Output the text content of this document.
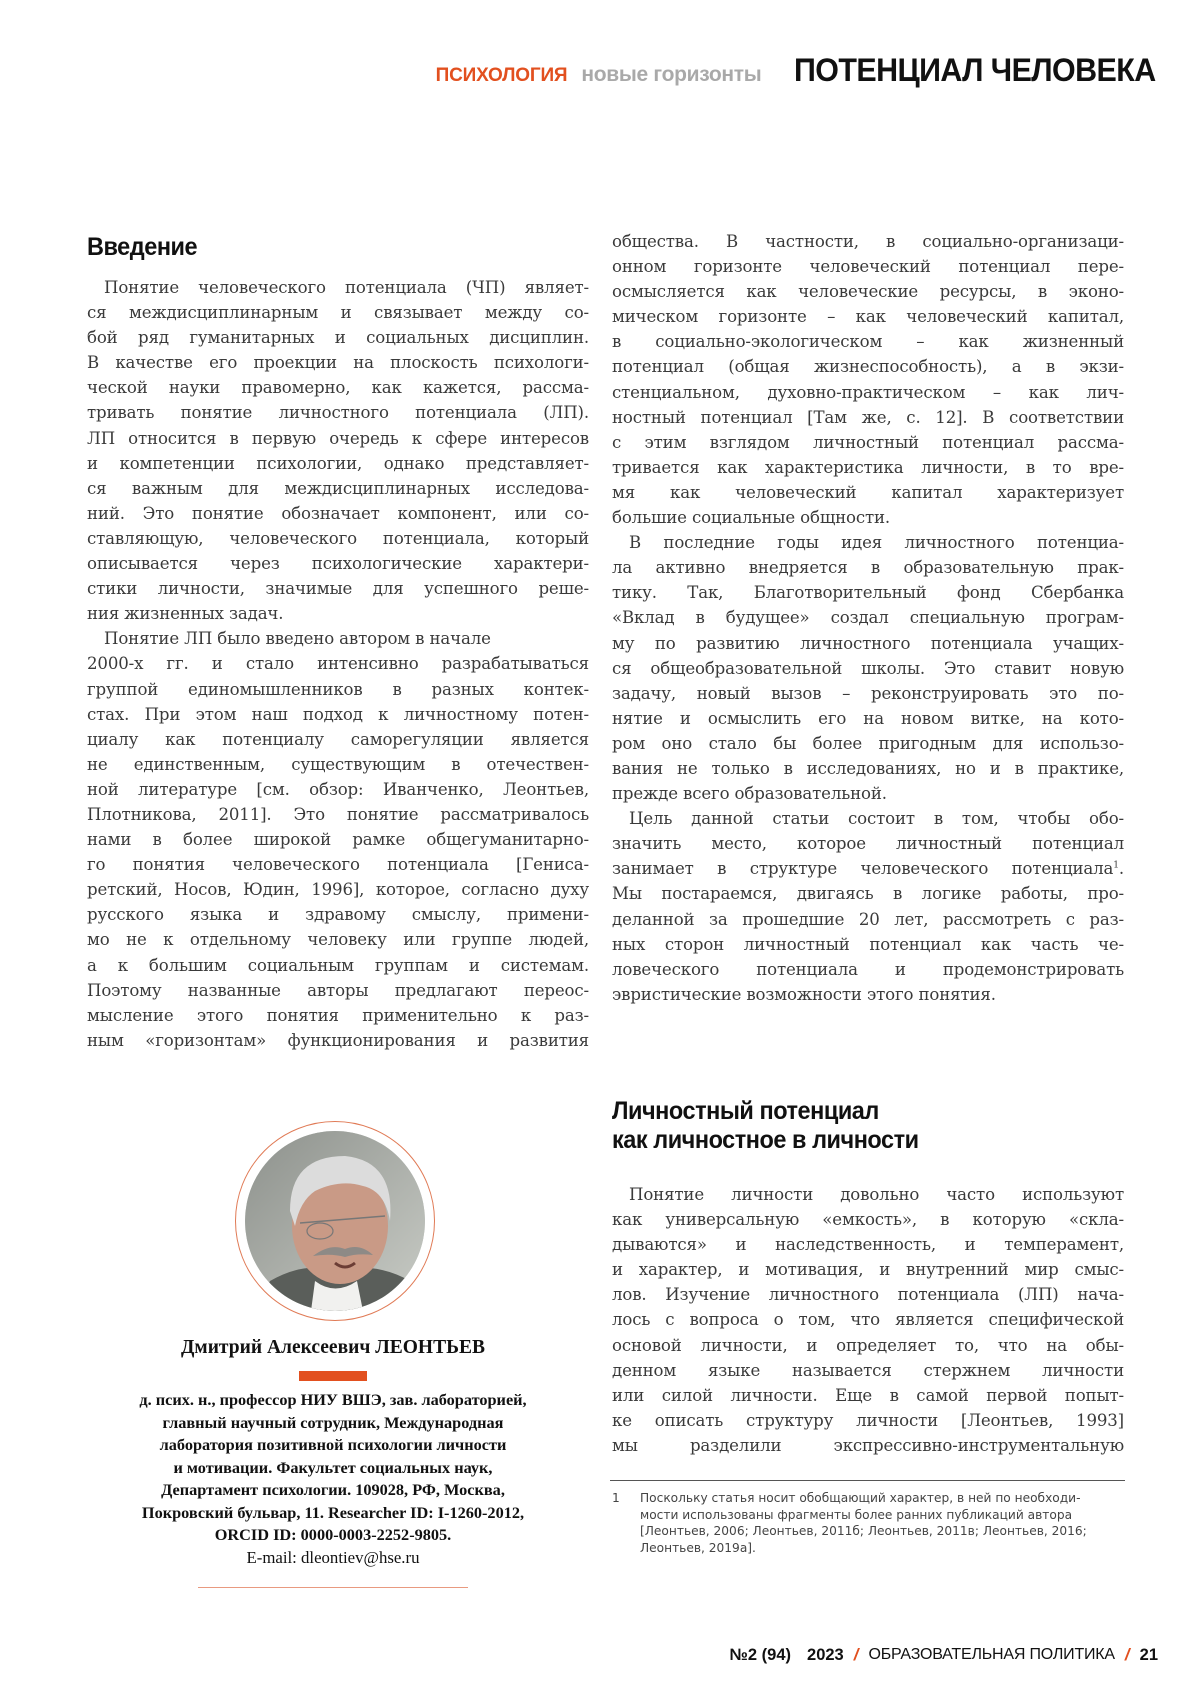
ПСИХОЛОГИЯ новые горизонты ПОТЕНЦИАЛ ЧЕЛОВЕКА
Введение
Понятие человеческого потенциала (ЧП) являет-
ся междисциплинарным и связывает между со-
бой ряд гуманитарных и социальных дисциплин.
В качестве его проекции на плоскость психологи-
ческой науки правомерно, как кажется, рассма-
тривать понятие личностного потенциала (ЛП).
ЛП относится в первую очередь к сфере интересов
и компетенции психологии, однако представляет-
ся важным для междисциплинарных исследова-
ний. Это понятие обозначает компонент, или со-
ставляющую, человеческого потенциала, который
описывается через психологические характери-
стики личности, значимые для успешного реше-
ния жизненных задач.
Понятие ЛП было введено автором в начале
2000-х гг. и стало интенсивно разрабатываться
группой единомышленников в разных контек-
стах. При этом наш подход к личностному потен-
циалу как потенциалу саморегуляции является
не единственным, существующим в отечествен-
ной литературе [см. обзор: Иванченко, Леонтьев,
Плотникова, 2011]. Это понятие рассматривалось
нами в более широкой рамке общегуманитарно-
го понятия человеческого потенциала [Гениса-
ретский, Носов, Юдин, 1996], которое, согласно духу
русского языка и здравому смыслу, примени-
мо не к отдельному человеку или группе людей,
а к большим социальным группам и системам.
Поэтому названные авторы предлагают переос-
мысление этого понятия применительно к раз-
ным «горизонтам» функционирования и развития
общества. В частности, в социально-организаци-
онном горизонте человеческий потенциал пере-
осмысляется как человеческие ресурсы, в эконо-
мическом горизонте – как человеческий капитал,
в социально-экологическом – как жизненный
потенциал (общая жизнеспособность), а в экзи-
стенциальном, духовно-практическом – как лич-
ностный потенциал [Там же, с. 12]. В соответствии
с этим взглядом личностный потенциал рассма-
тривается как характеристика личности, в то вре-
мя как человеческий капитал характеризует
большие социальные общности.
В последние годы идея личностного потенциа-
ла активно внедряется в образовательную прак-
тику. Так, Благотворительный фонд Сбербанка
«Вклад в будущее» создал специальную програм-
му по развитию личностного потенциала учащих-
ся общеобразовательной школы. Это ставит новую
задачу, новый вызов – реконструировать это по-
нятие и осмыслить его на новом витке, на кото-
ром оно стало бы более пригодным для использо-
вания не только в исследованиях, но и в практике,
прежде всего образовательной.
Цель данной статьи состоит в том, чтобы обо-
значить место, которое личностный потенциал
занимает в структуре человеческого потенциала$^1$.
Мы постараемся, двигаясь в логике работы, про-
деланной за прошедшие 20 лет, рассмотреть с раз-
ных сторон личностный потенциал как часть че-
ловеческого потенциала и продемонстрировать
эвристические возможности этого понятия.
Личностный потенциал
как личностное в личности
Понятие личности довольно часто используют
как универсальную «емкость», в которую «скла-
дываются» и наследственность, и темперамент,
и характер, и мотивация, и внутренний мир смыс-
лов. Изучение личностного потенциала (ЛП) нача-
лось с вопроса о том, что является специфической
основой личности, и определяет то, что на обы-
денном языке называется стержнем личности
или силой личности. Еще в самой первой попыт-
ке описать структуру личности [Леонтьев, 1993]
мы разделили экспрессивно-инструментальную
1	Поскольку статья носит обобщающий характер, в ней по необходи-
мости использованы фрагменты более ранних публикаций автора
[Леонтьев, 2006; Леонтьев, 2011б; Леонтьев, 2011в; Леонтьев, 2016;
Леонтьев, 2019а].
Дмитрий Алексеевич ЛЕОНТЬЕВ
д. псих. н., профессор НИУ ВШЭ, зав. лабораторией,
главный научный сотрудник, Международная
лаборатория позитивной психологии личности
и мотивации. Факультет социальных наук,
Департамент психологии. 109028, РФ, Москва,
Покровский бульвар, 11. Researcher ID: I-1260-2012,
ORCID ID: 0000-0003-2252-9805.
E-mail: dleontiev@hse.ru
№2 (94) 2023 / ОБРАЗОВАТЕЛЬНАЯ ПОЛИТИКА / 21
